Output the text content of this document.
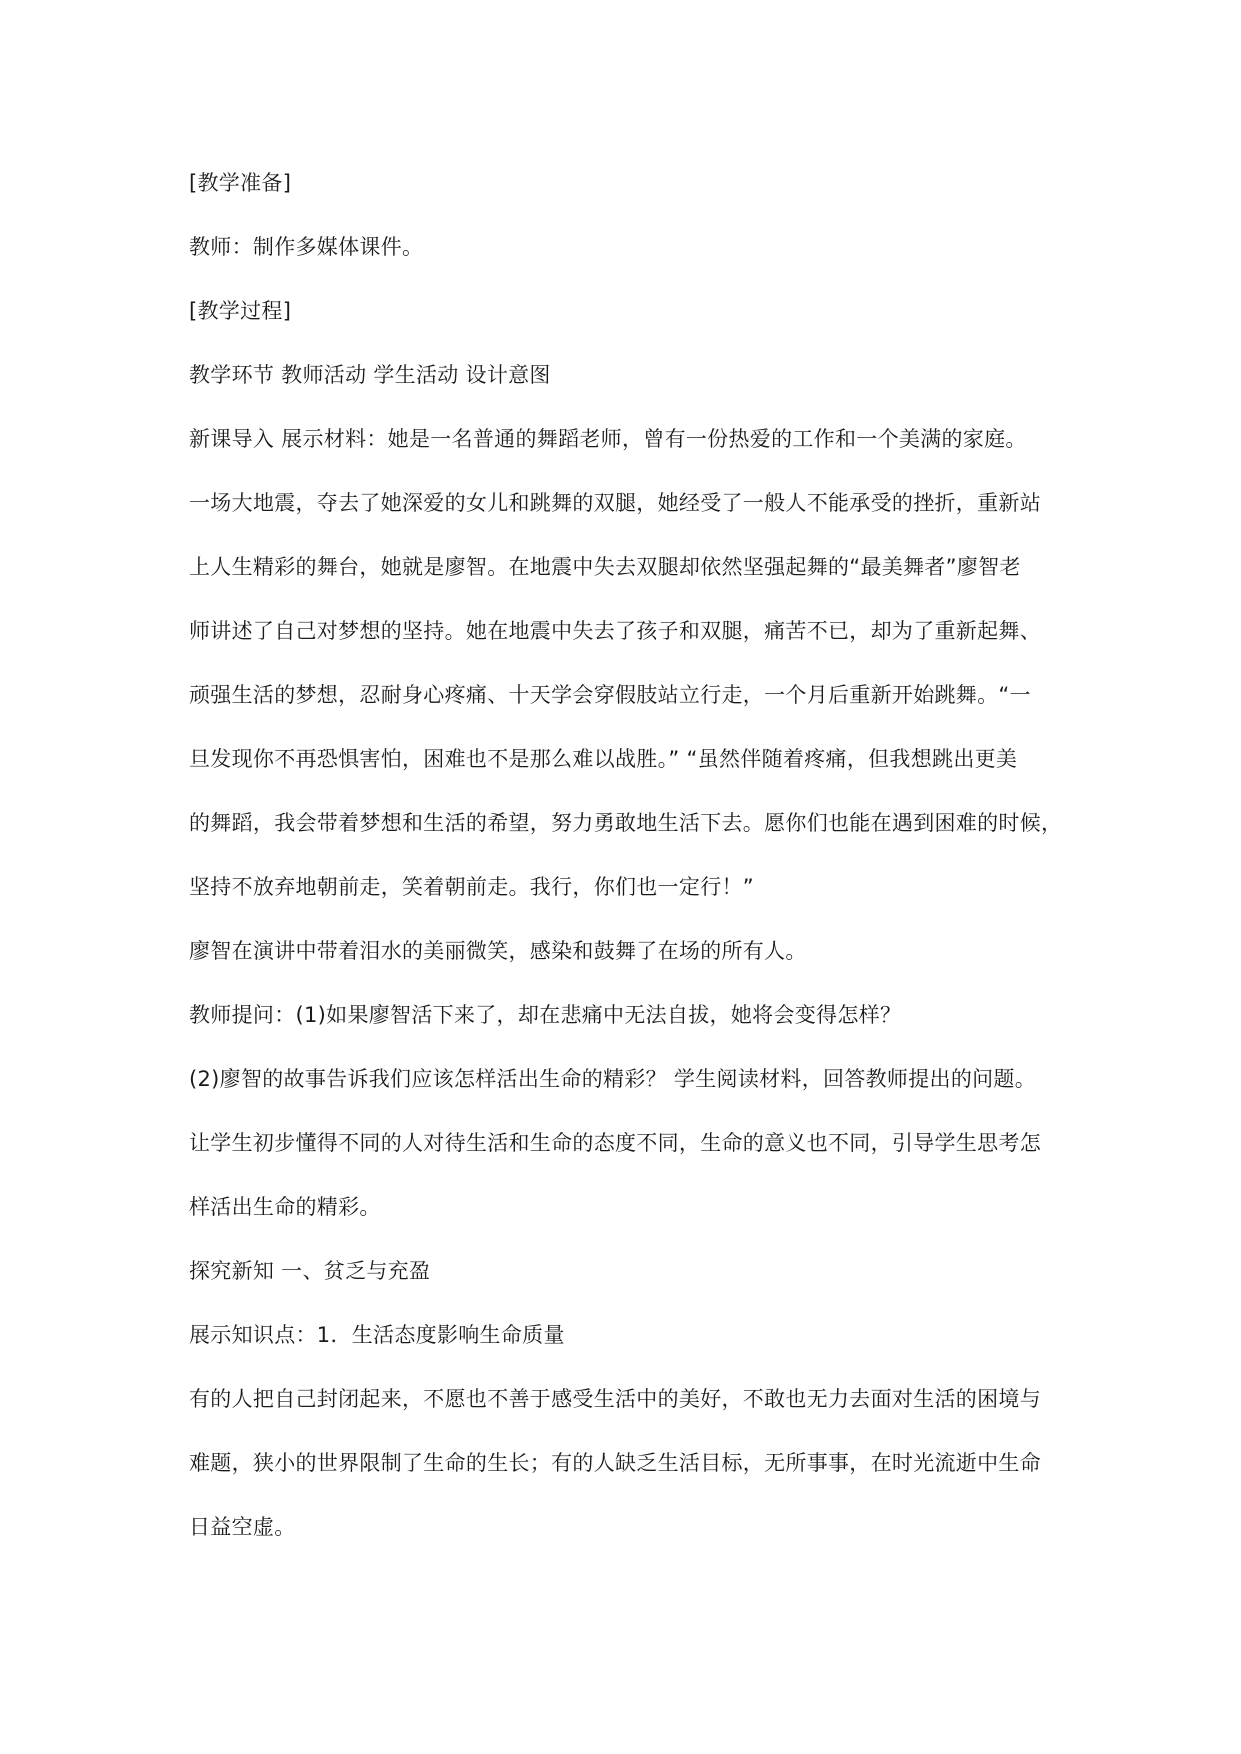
[教学准备]

教师：制作多媒体课件。

[教学过程]

教学环节 教师活动 学生活动 设计意图

新课导入 展示材料：她是一名普通的舞蹈老师，曾有一份热爱的工作和一个美满的家庭。
一场大地震，夺去了她深爱的女儿和跳舞的双腿，她经受了一般人不能承受的挫折，重新站
上人生精彩的舞台，她就是廖智。在地震中失去双腿却依然坚强起舞的“最美舞者”廖智老
师讲述了自己对梦想的坚持。她在地震中失去了孩子和双腿，痛苦不已，却为了重新起舞、
顽强生活的梦想，忍耐身心疼痛、十天学会穿假肢站立行走，一个月后重新开始跳舞。“一
旦发现你不再恐惧害怕，困难也不是那么难以战胜。” “虽然伴随着疼痛，但我想跳出更美
的舞蹈，我会带着梦想和生活的希望，努力勇敢地生活下去。愿你们也能在遇到困难的时候，
坚持不放弃地朝前走，笑着朝前走。我行，你们也一定行！”

廖智在演讲中带着泪水的美丽微笑，感染和鼓舞了在场的所有人。

教师提问：(1)如果廖智活下来了，却在悲痛中无法自拔，她将会变得怎样？

(2)廖智的故事告诉我们应该怎样活出生命的精彩？ 学生阅读材料，回答教师提出的问题。

让学生初步懂得不同的人对待生活和生命的态度不同，生命的意义也不同，引导学生思考怎
样活出生命的精彩。

探究新知 一、贫乏与充盈

展示知识点：1．生活态度影响生命质量

有的人把自己封闭起来，不愿也不善于感受生活中的美好，不敢也无力去面对生活的困境与
难题，狭小的世界限制了生命的生长；有的人缺乏生活目标，无所事事，在时光流逝中生命
日益空虚。
